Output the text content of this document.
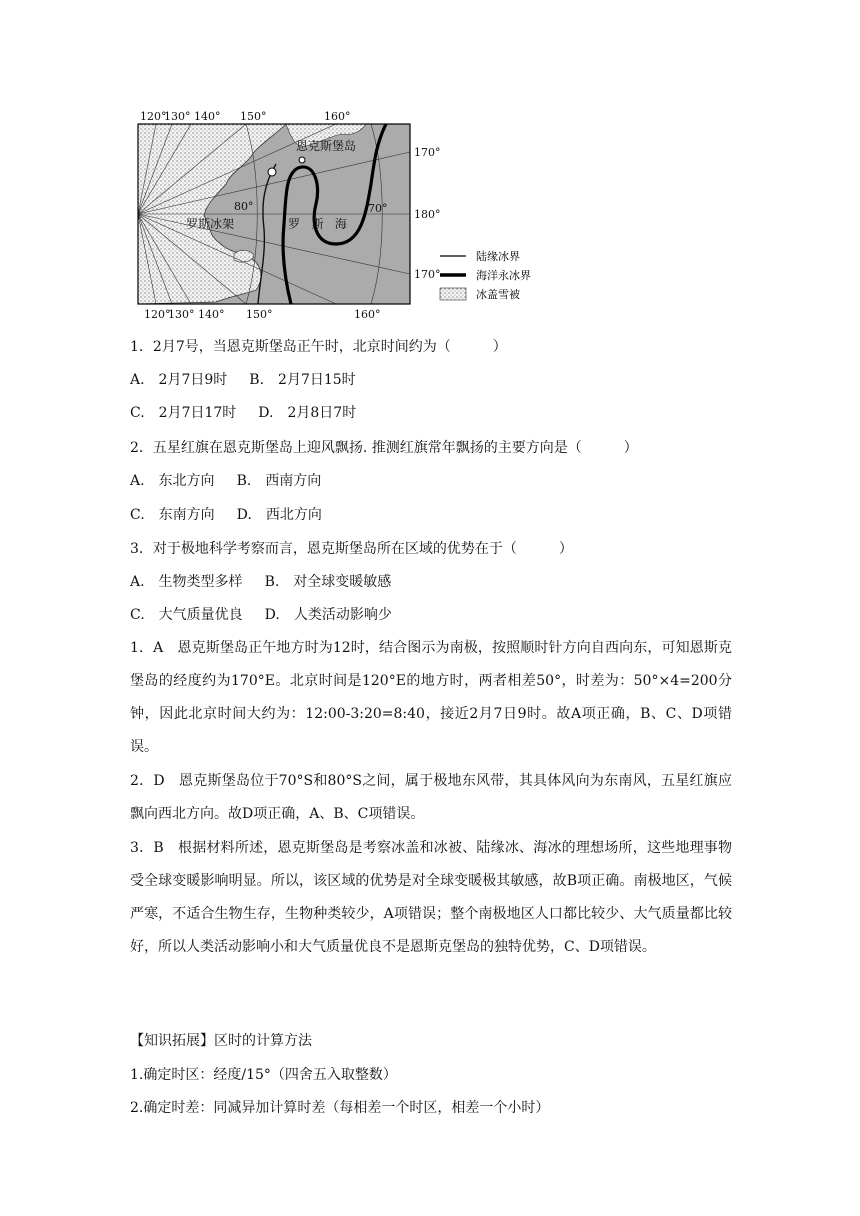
120°
130° 140° 150°	160°
120°
130° 140° 150°	160°
170°
180°
170°
80°	70°
恩克斯堡岛
罗斯冰架	罗   斯   海
陆缘冰界
海洋永冰界
冰盖雪被
1．2月7号，当恩克斯堡岛正午时，北京时间约为（　　　）
A.　2月7日9时 B.　2月7日15时
C.　2月7日17时 D.　2月8日7时
2．五星红旗在恩克斯堡岛上迎风飘扬. 推测红旗常年飘扬的主要方向是（　　　）
A.　东北方向 B.　西南方向
C.　东南方向 D.　西北方向
3．对于极地科学考察而言，恩克斯堡岛所在区域的优势在于（　　　）
A.　生物类型多样 B.　对全球变暖敏感
C.　大气质量优良 D.　人类活动影响少
1．A　恩克斯堡岛正午地方时为12时，结合图示为南极，按照顺时针方向自西向东，可知恩斯克堡岛的经度约为170°E。北京时间是120°E的地方时，两者相差50°，时差为：50°×4=200分钟，因此北京时间大约为：12:00-3:20=8:40，接近2月7日9时。故A项正确，B、C、D项错误。
2．D　恩克斯堡岛位于70°S和80°S之间，属于极地东风带，其具体风向为东南风，五星红旗应飘向西北方向。故D项正确，A、B、C项错误。
3．B　根据材料所述，恩克斯堡岛是考察冰盖和冰被、陆缘冰、海冰的理想场所，这些地理事物受全球变暖影响明显。所以，该区域的优势是对全球变暖极其敏感，故B项正确。南极地区，气候严寒，不适合生物生存，生物种类较少，A项错误；整个南极地区人口都比较少、大气质量都比较好，所以人类活动影响小和大气质量优良不是恩斯克堡岛的独特优势，C、D项错误。
【知识拓展】区时的计算方法
1.确定时区：经度/15°（四舍五入取整数）
2.确定时差：同减异加计算时差（每相差一个时区，相差一个小时）
